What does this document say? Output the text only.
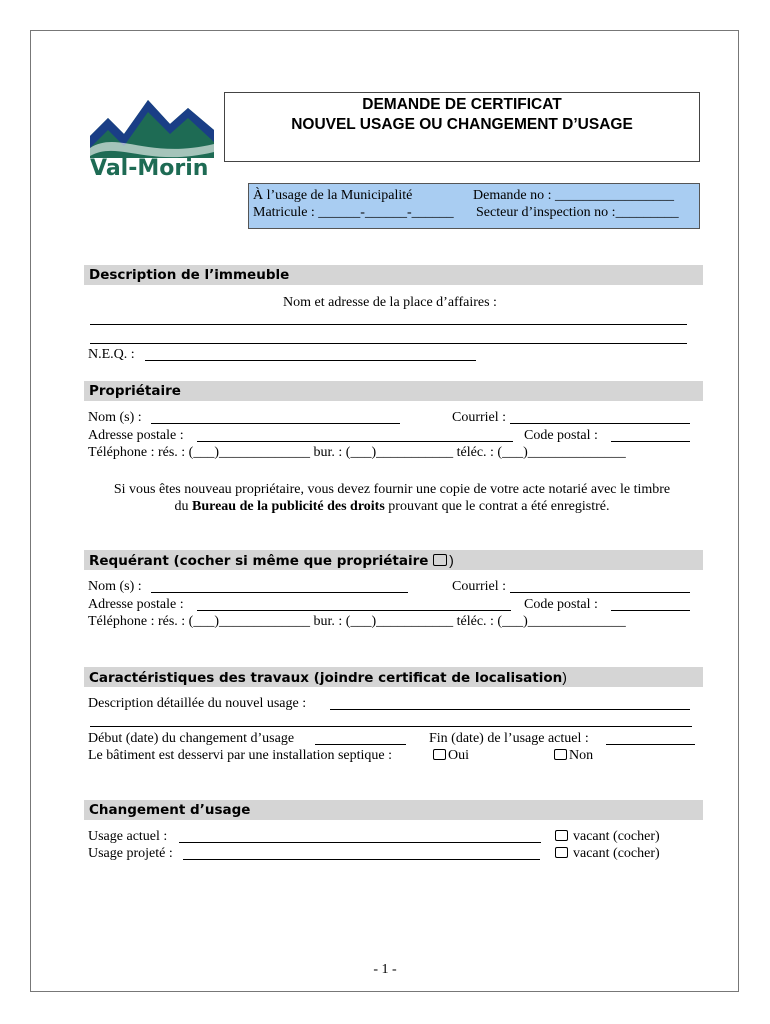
Val-Morin
DEMANDE DE CERTIFICAT
NOUVEL USAGE OU CHANGEMENT D’USAGE
À l’usage de la Municipalité	Demande no : _________________
Matricule : ______-______-______ Secteur d’inspection no :_________
Description de l’immeuble
Nom et adresse de la place d’affaires :
N.E.Q. :
Propriétaire
Nom (s) :	Courriel :
Adresse postale :	Code postal :
Téléphone : rés. : (___)_____________ bur. : (___)___________ téléc. : (___)______________
Si vous êtes nouveau propriétaire, vous devez fournir une copie de votre acte notarié avec le timbre
du Bureau de la publicité des droits prouvant que le contrat a été enregistré.
Requérant (cocher si même que propriétaire )
Nom (s) :	Courriel :
Adresse postale :	Code postal :
Téléphone : rés. : (___)_____________ bur. : (___)___________ téléc. : (___)______________
Caractéristiques des travaux (joindre certificat de localisation)
Description détaillée du nouvel usage :
Début (date) du changement d’usage	Fin (date) de l’usage actuel :
Le bâtiment est desservi par une installation septique :	Oui	Non
Changement d’usage
Usage actuel :	vacant (cocher)
Usage projeté :	vacant (cocher)
- 1 -
